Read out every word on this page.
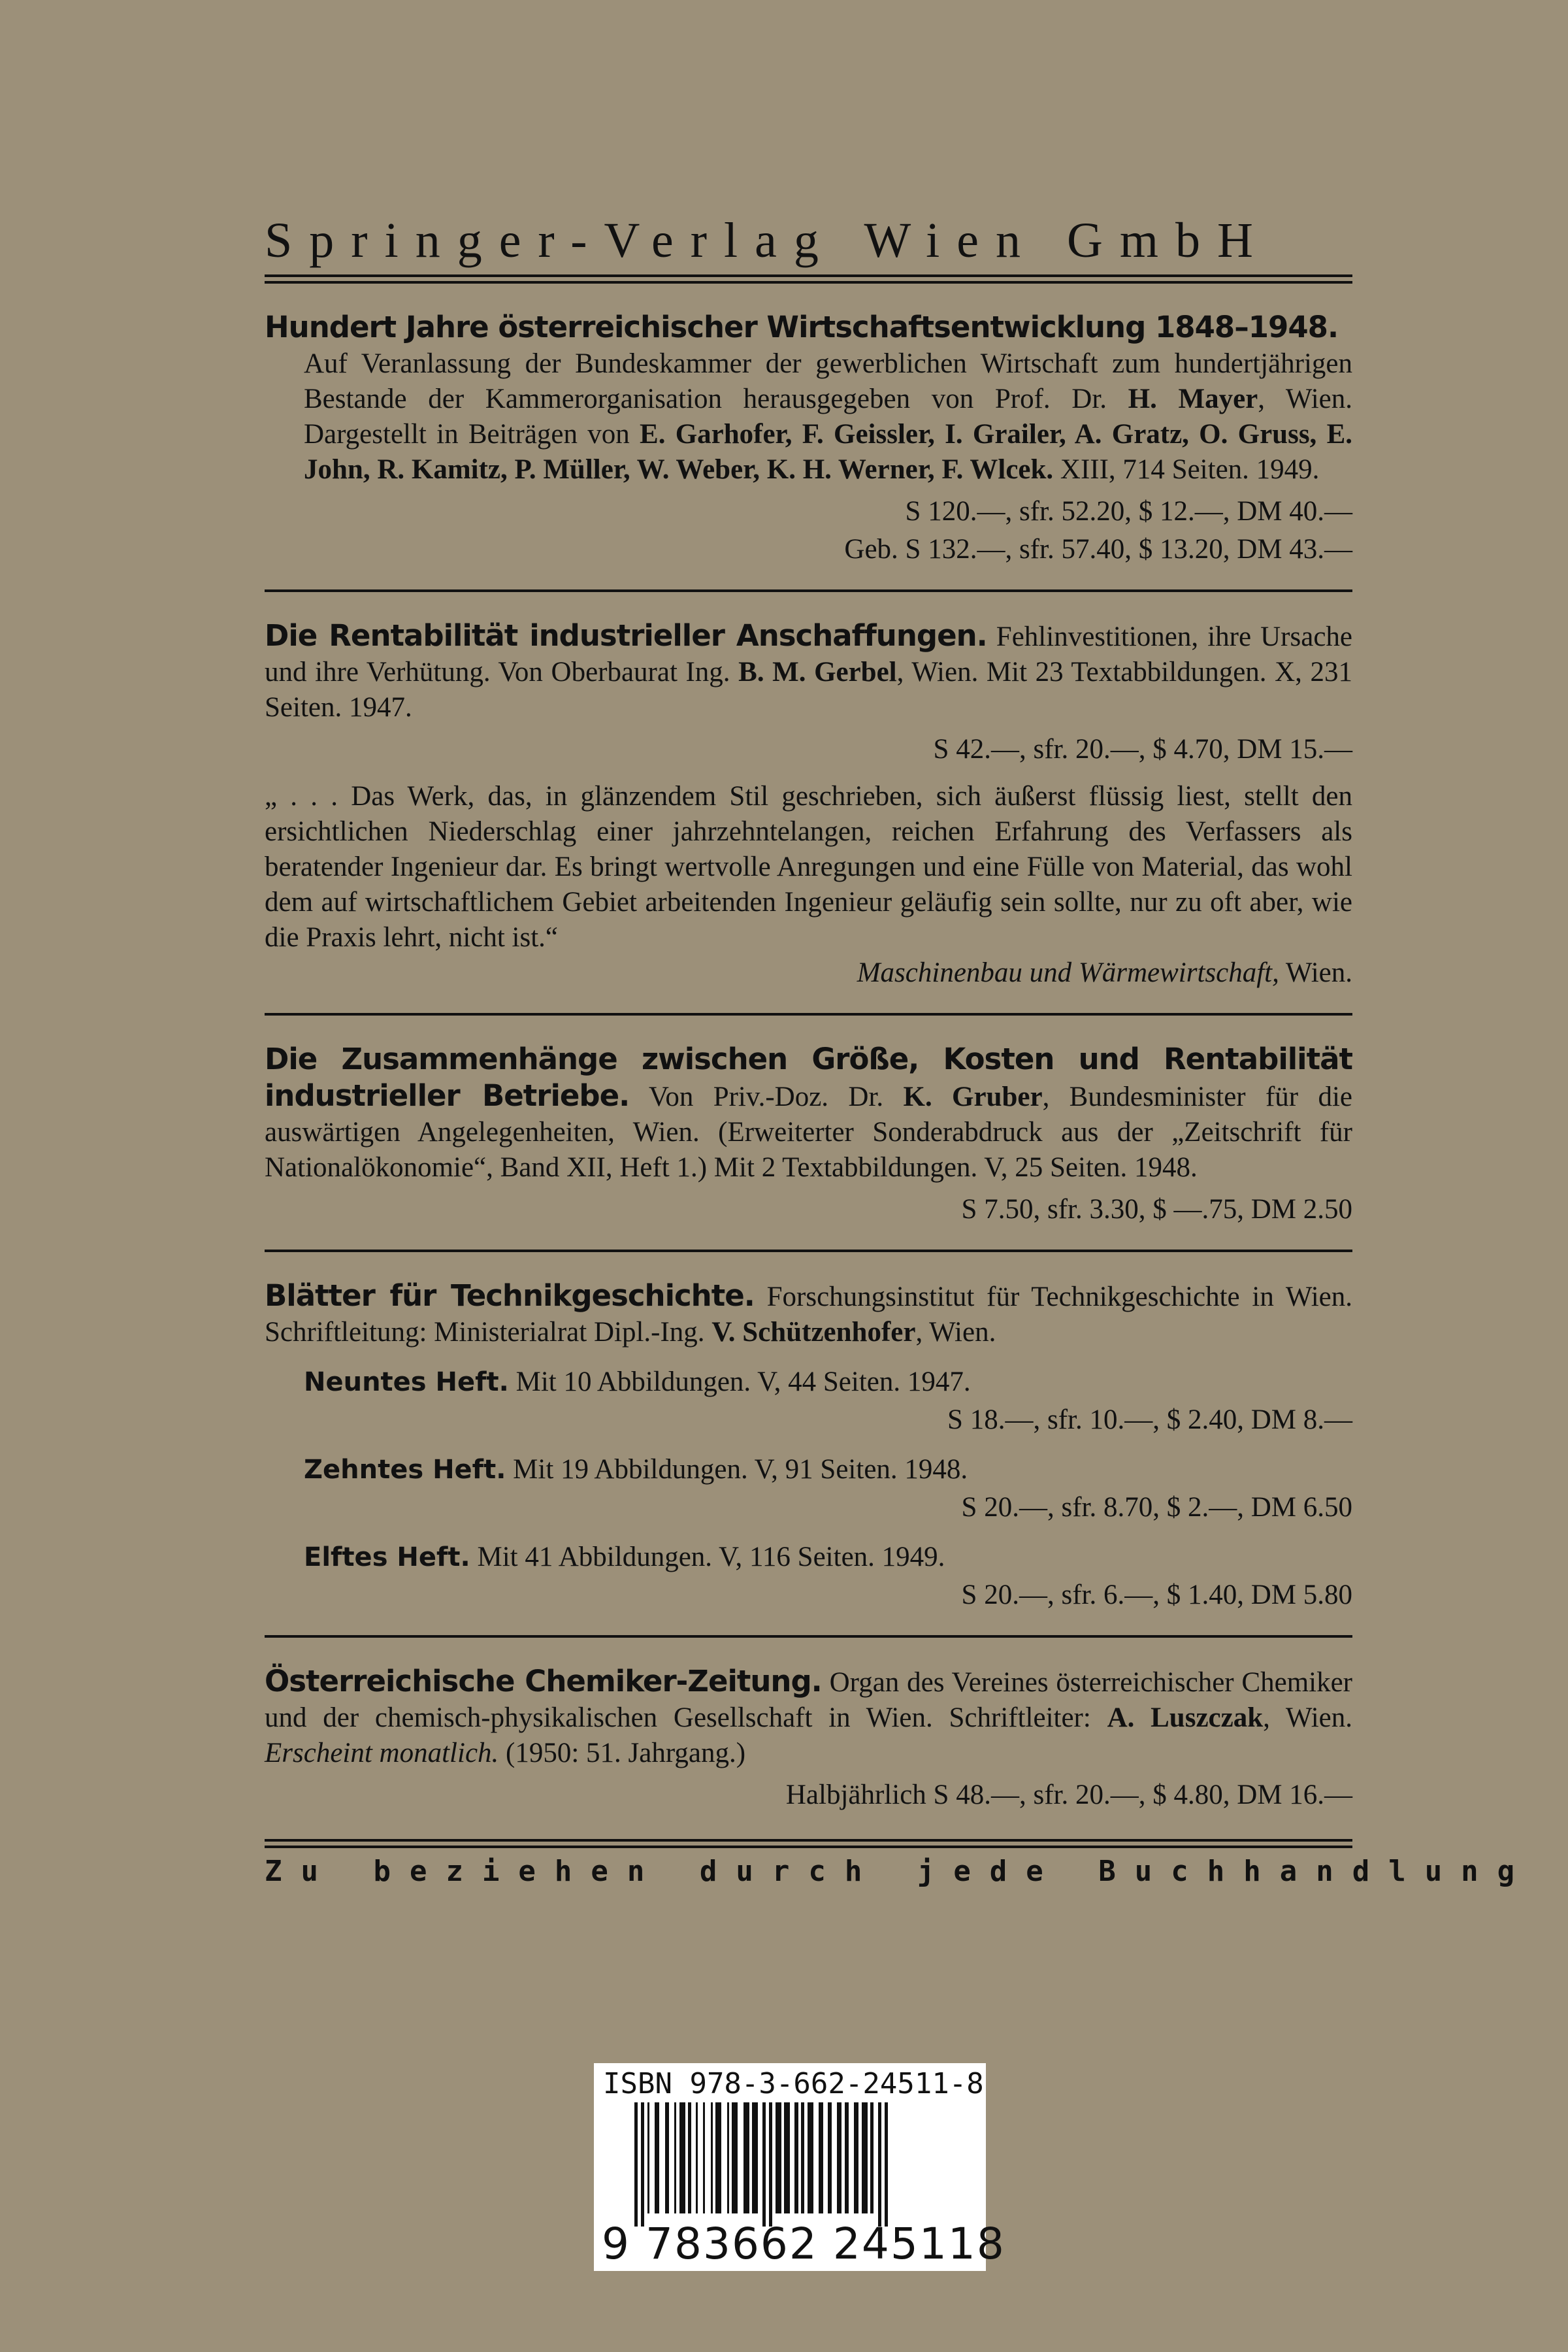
Springer-Verlag Wien GmbH
Hundert Jahre österreichischer Wirtschaftsentwicklung 1848–1948.
Auf Veranlassung der Bundeskammer der gewerblichen Wirtschaft zum hundertjährigen Bestande der Kammerorganisation herausgegeben von Prof. Dr. H. Mayer, Wien. Dargestellt in Beiträgen von E. Garhofer, F. Geissler, I. Grailer, A. Gratz, O. Gruss, E. John, R. Kamitz, P. Müller, W. Weber, K. H. Werner, F. Wlcek. XIII, 714 Seiten. 1949.
S 120.—, sfr. 52.20, $ 12.—, DM 40.—
Geb. S 132.—, sfr. 57.40, $ 13.20, DM 43.—
Die Rentabilität industrieller Anschaffungen. Fehlinvestitionen, ihre Ursache und ihre Verhütung. Von Oberbaurat Ing. B. M. Gerbel, Wien. Mit 23 Textabbildungen. X, 231 Seiten. 1947.
S 42.—, sfr. 20.—, $ 4.70, DM 15.—
„ . . . Das Werk, das, in glänzendem Stil geschrieben, sich äußerst flüssig liest, stellt den ersichtlichen Niederschlag einer jahrzehntelangen, reichen Erfahrung des Verfassers als beratender Ingenieur dar. Es bringt wertvolle Anregungen und eine Fülle von Material, das wohl dem auf wirtschaftlichem Gebiet arbeitenden Ingenieur geläufig sein sollte, nur zu oft aber, wie die Praxis lehrt, nicht ist.“
Maschinenbau und Wärmewirtschaft, Wien.
Die Zusammenhänge zwischen Größe, Kosten und Rentabilität industrieller Betriebe. Von Priv.-Doz. Dr. K. Gruber, Bundesminister für die auswärtigen Angelegenheiten, Wien. (Erweiterter Sonderabdruck aus der „Zeitschrift für Nationalökonomie“, Band XII, Heft 1.) Mit 2 Textabbildungen. V, 25 Seiten. 1948.
S 7.50, sfr. 3.30, $ —.75, DM 2.50
Blätter für Technikgeschichte. Forschungsinstitut für Technikgeschichte in Wien. Schriftleitung: Ministerialrat Dipl.-Ing. V. Schützenhofer, Wien.
Neuntes Heft. Mit 10 Abbildungen. V, 44 Seiten. 1947.
S 18.—, sfr. 10.—, $ 2.40, DM 8.—
Zehntes Heft. Mit 19 Abbildungen. V, 91 Seiten. 1948.
S 20.—, sfr. 8.70, $ 2.—, DM 6.50
Elftes Heft. Mit 41 Abbildungen. V, 116 Seiten. 1949.
S 20.—, sfr. 6.—, $ 1.40, DM 5.80
Österreichische Chemiker-Zeitung. Organ des Vereines österreichischer Chemiker und der chemisch-physikalischen Gesellschaft in Wien. Schriftleiter: A. Luszczak, Wien. Erscheint monatlich. (1950: 51. Jahrgang.)
Halbjährlich S 48.—, sfr. 20.—, $ 4.80, DM 16.—
Zu beziehen durch jede Buchhandlung
ISBN 978-3-662-24511-8
9 783662 245118
